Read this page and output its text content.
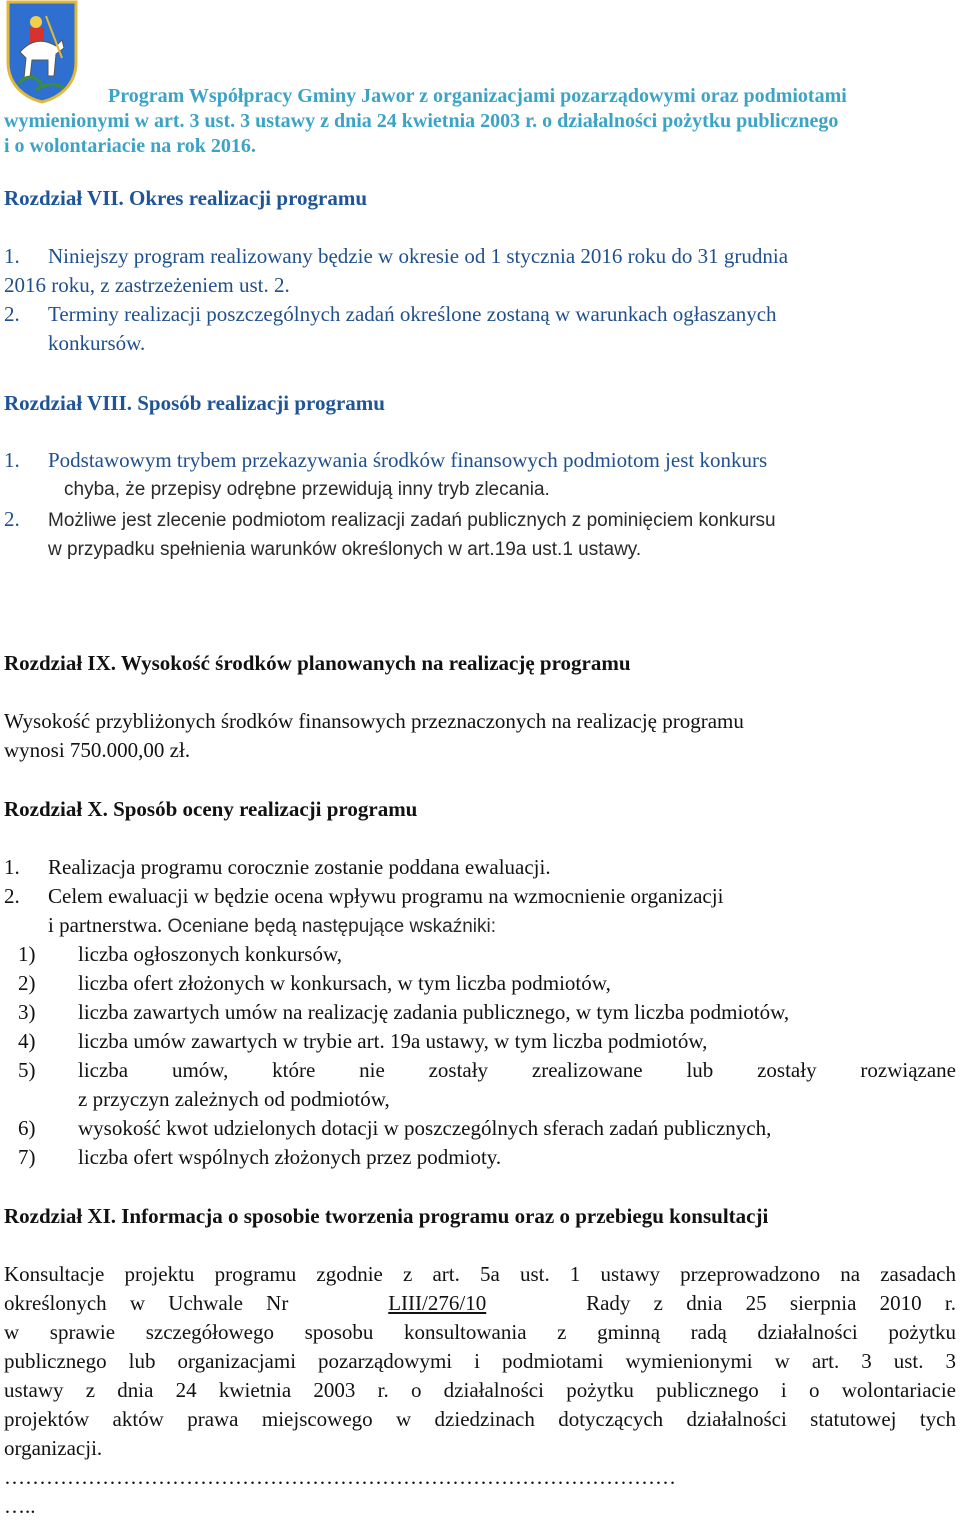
Program Współpracy Gminy Jawor z organizacjami pozarządowymi oraz podmiotami
wymienionymi w art. 3 ust. 3 ustawy z dnia 24 kwietnia 2003 r. o działalności pożytku publicznego
i o wolontariacie na rok 2016.
Rozdział VII. Okres realizacji programu
1. Niniejszy program realizowany będzie w okresie od 1 stycznia 2016 roku do 31 grudnia
2016 roku, z zastrzeżeniem ust. 2.
2. Terminy realizacji poszczególnych zadań określone zostaną w warunkach ogłaszanych
konkursów.
Rozdział VIII. Sposób realizacji programu
1. Podstawowym trybem przekazywania środków finansowych podmiotom jest konkurs
chyba, że przepisy odrębne przewidują inny tryb zlecania.
2. Możliwe jest zlecenie podmiotom realizacji zadań publicznych z pominięciem konkursu
w przypadku spełnienia warunków określonych w art.19a ust.1 ustawy.
Rozdział IX. Wysokość środków planowanych na realizację programu
Wysokość przybliżonych środków finansowych przeznaczonych na realizację programu
wynosi 750.000,00 zł.
Rozdział X. Sposób oceny realizacji programu
1. Realizacja programu corocznie zostanie poddana ewaluacji.
2. Celem ewaluacji w będzie ocena wpływu programu na wzmocnienie organizacji
i partnerstwa. Oceniane będą następujące wskaźniki:
1) liczba ogłoszonych konkursów,
2) liczba ofert złożonych w konkursach, w tym liczba podmiotów,
3) liczba zawartych umów na realizację zadania publicznego, w tym liczba podmiotów,
4) liczba umów zawartych w trybie art. 19a ustawy, w tym liczba podmiotów,
5) liczba umów, które nie zostały zrealizowane lub zostały rozwiązane
z przyczyn zależnych od podmiotów,
6) wysokość kwot udzielonych dotacji w poszczególnych sferach zadań publicznych,
7) liczba ofert wspólnych złożonych przez podmioty.
Rozdział XI. Informacja o sposobie tworzenia programu oraz o przebiegu konsultacji
Konsultacje projektu programu zgodnie z art. 5a ust. 1 ustawy przeprowadzono na zasadach
określonych w Uchwale Nr	LIII/276/10	Rady z dnia 25 sierpnia 2010 r.
w sprawie szczegółowego sposobu konsultowania z gminną radą działalności pożytku
publicznego lub organizacjami pozarządowymi i podmiotami wymienionymi w art. 3 ust. 3
ustawy z dnia 24 kwietnia 2003 r. o działalności pożytku publicznego i o wolontariacie
projektów aktów prawa miejscowego w dziedzinach dotyczących działalności statutowej tych
organizacji.
……………………………………………………………………………………
…..
